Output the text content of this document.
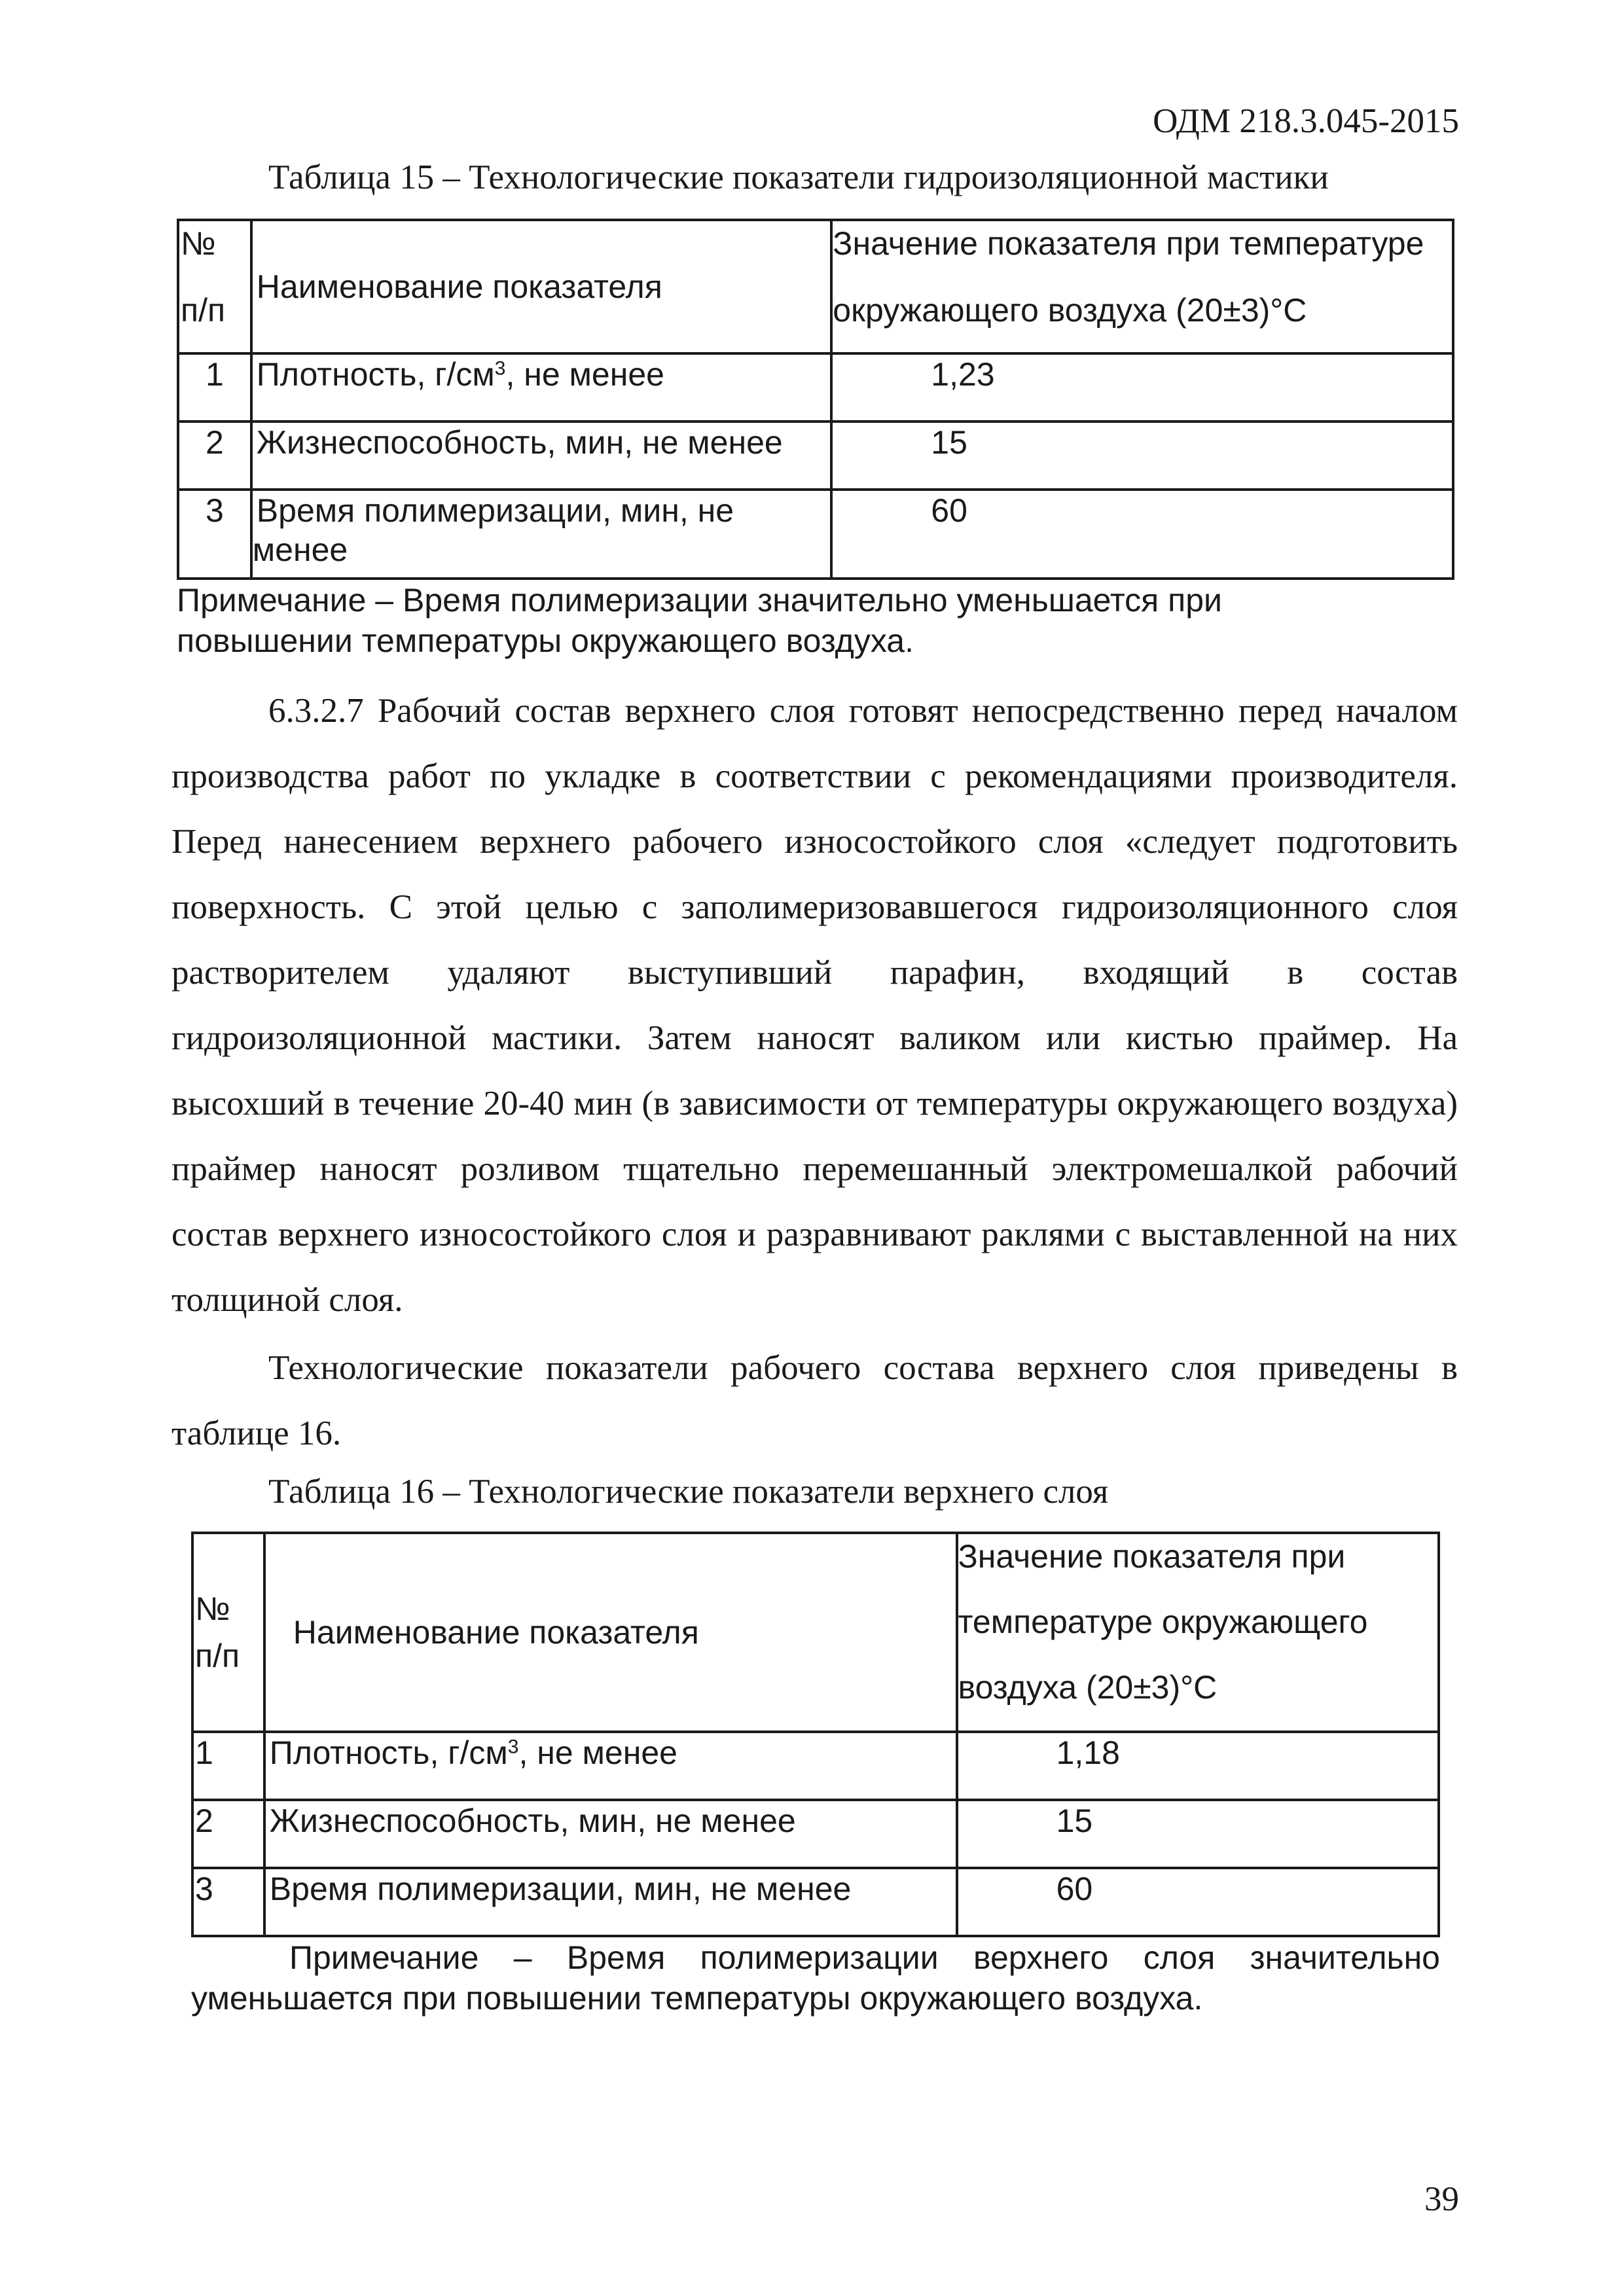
ОДМ 218.3.045-2015
Таблица 15 – Технологические показатели гидроизоляционной мастики
№
п/п	Наименование показателя	Значение показателя при температуре
окружающего воздуха (20±3)°С

1	Плотность, $г/см^3$, не менее	1,23
2	Жизнеспособность, мин, не менее	15
3	Время полимеризации, мин, не
менее	60
Примечание – Время полимеризации значительно уменьшается при
повышении температуры окружающего воздуха.

6.3.2.7 Рабочий состав верхнего слоя готовят непосредственно перед началом производства работ по укладке в соответствии с рекомендациями производителя. Перед нанесением верхнего рабочего износостойкого слоя «следует подготовить поверхность. С этой целью с заполимеризовавшегося гидроизоляционного слоя растворителем удаляют выступивший парафин, входящий в состав гидроизоляционной мастики. Затем наносят валиком или кистью праймер. На высохший в течение 20-40 мин (в зависимости от температуры окружающего воздуха) праймер наносят розливом тщательно перемешанный электромешалкой рабочий состав верхнего износостойкого слоя и разравнивают раклями с выставленной на них толщиной слоя.

Технологические показатели рабочего состава верхнего слоя приведены в таблице 16.

Таблица 16 – Технологические показатели верхнего слоя
№
п/п	Наименование показателя	Значение показателя при
температуре окружающего
воздуха (20±3)°С

1	Плотность, $г/см^3$, не менее	1,18
2	Жизнеспособность, мин, не менее	15
3	Время полимеризации, мин, не менее	60
Примечание – Время полимеризации верхнего слоя значительно уменьшается при повышении температуры окружающего воздуха.
39
